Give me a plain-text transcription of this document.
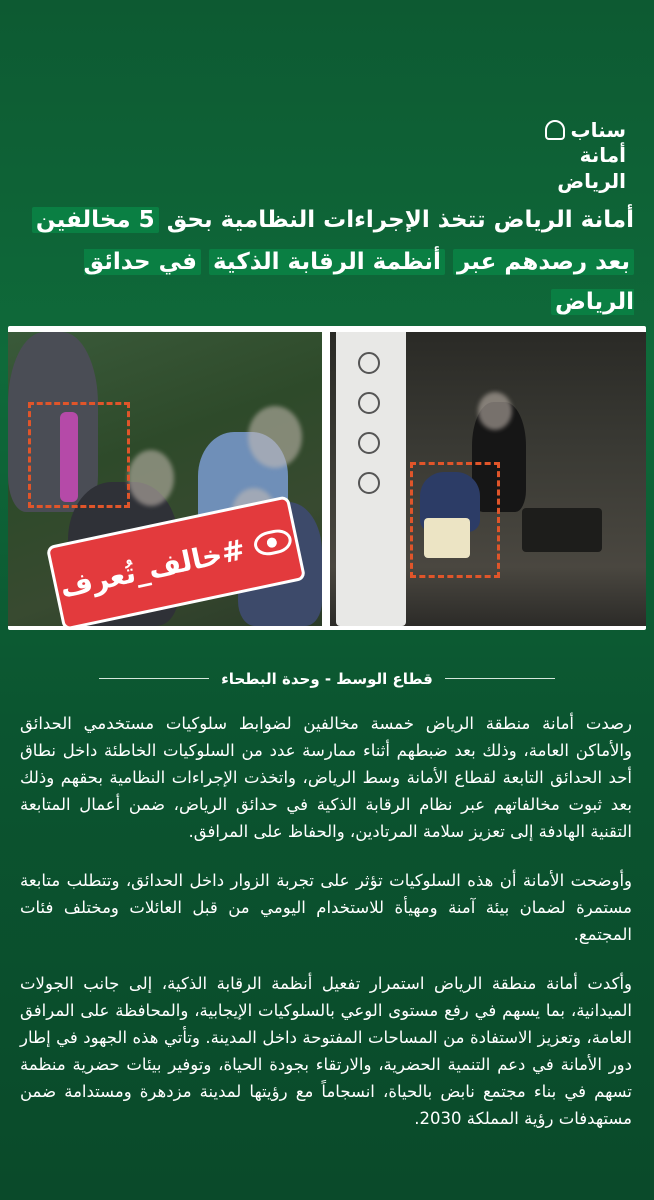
سناب
أمانة
الرياض
أمانة الرياض تتخذ الإجراءات النظامية بحق 5 مخالفين
بعد رصدهم عبر أنظمة الرقابة الذكية في حدائق الرياض
#خالف_تُعرف
قطاع الوسط - وحدة البطحاء

رصدت أمانة منطقة الرياض خمسة مخالفين لضوابط سلوكيات مستخدمي الحدائق والأماكن العامة، وذلك بعد ضبطهم أثناء ممارسة عدد من السلوكيات الخاطئة داخل نطاق أحد الحدائق التابعة لقطاع الأمانة وسط الرياض، واتخذت الإجراءات النظامية بحقهم وذلك بعد ثبوت مخالفاتهم عبر نظام الرقابة الذكية في حدائق الرياض، ضمن أعمال المتابعة التقنية الهادفة إلى تعزيز سلامة المرتادين، والحفاظ على المرافق.

وأوضحت الأمانة أن هذه السلوكيات تؤثر على تجربة الزوار داخل الحدائق، وتتطلب متابعة مستمرة لضمان بيئة آمنة ومهيأة للاستخدام اليومي من قبل العائلات ومختلف فئات المجتمع.

وأكدت أمانة منطقة الرياض استمرار تفعيل أنظمة الرقابة الذكية، إلى جانب الجولات الميدانية، بما يسهم في رفع مستوى الوعي بالسلوكيات الإيجابية، والمحافظة على المرافق العامة، وتعزيز الاستفادة من المساحات المفتوحة داخل المدينة. وتأتي هذه الجهود في إطار دور الأمانة في دعم التنمية الحضرية، والارتقاء بجودة الحياة، وتوفير بيئات حضرية منظمة تسهم في بناء مجتمع نابض بالحياة، انسجاماً مع رؤيتها لمدينة مزدهرة ومستدامة ضمن مستهدفات رؤية المملكة 2030.
